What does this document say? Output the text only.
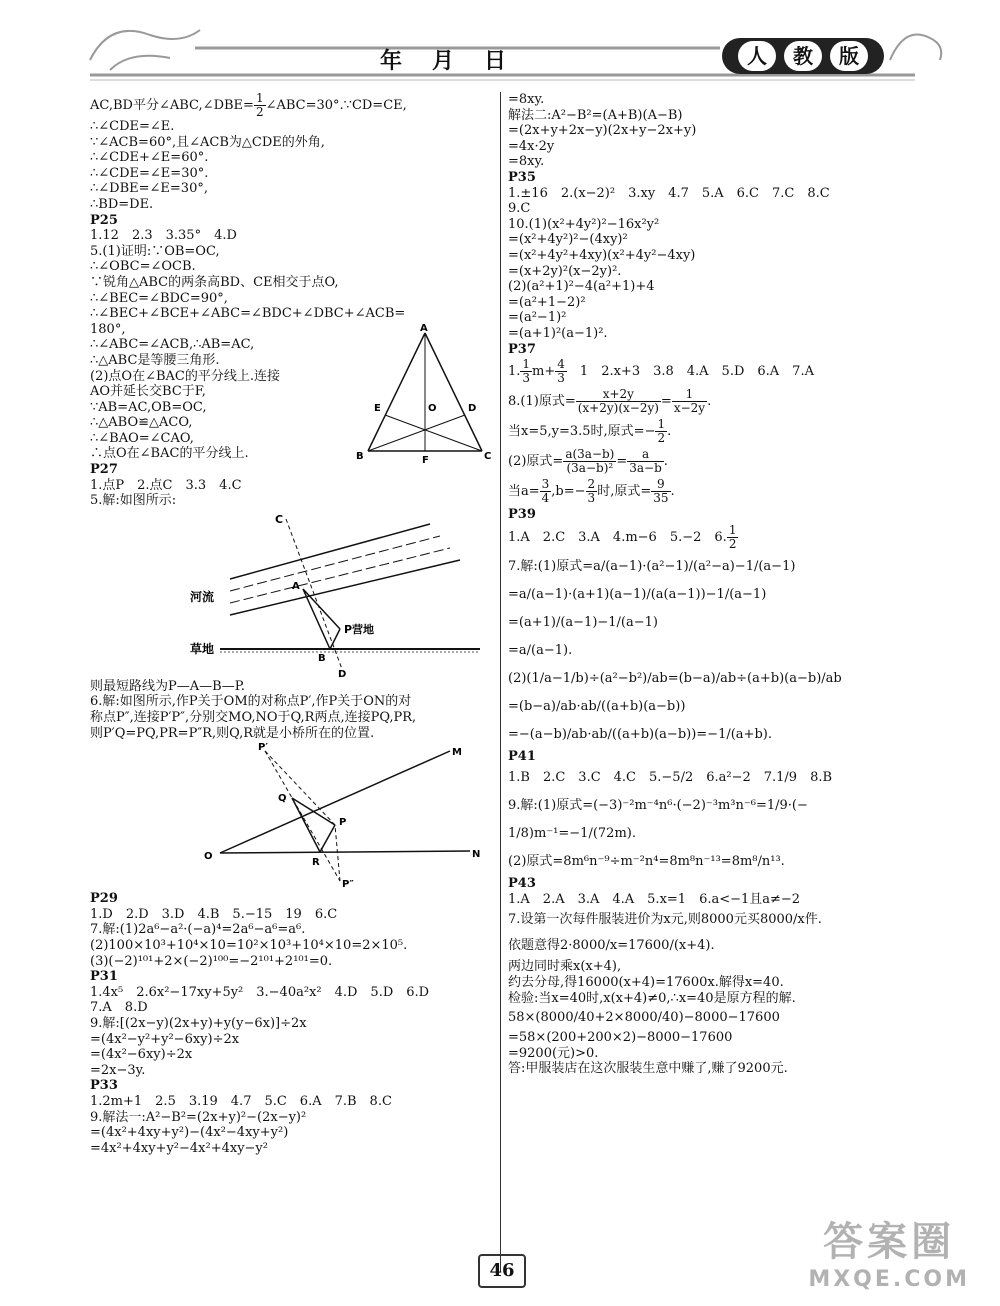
年　月　日	人	教	版
AC,BD平分∠ABC,∠DBE= $\frac{1}{2}$ ∠ABC=30°.∵CD=CE,
∴∠CDE=∠E.
∵∠ACB=60°,且∠ACB为△CDE的外角,
∴∠CDE+∠E=60°.
∴∠CDE=∠E=30°.
∴∠DBE=∠E=30°,
∴BD=DE.
P25
1.12　2.3　3.35°　4.D
5.(1)证明:∵OB=OC,
∴∠OBC=∠OCB.
∵锐角△ABC的两条高BD、CE相交于点O,
∴∠BEC=∠BDC=90°,
∴∠BEC+∠BCE+∠ABC=∠BDC+∠DBC+∠ACB=
180°,
∴∠ABC=∠ACB,∴AB=AC,
∴△ABC是等腰三角形.
(2)点O在∠BAC的平分线上.连接
AO并延长交BC于F,
∵AB=AC,OB=OC,
∴△ABO≌△ACO,
∴∠BAO=∠CAO,
∴点O在∠BAC的平分线上.
A
E	O	D
B	F	C
P27
1.点P　2.点C　3.3　4.C
5.解:如图所示:
C
A
P营地
B
D
河流
草地
则最短路线为P—A—B—P.
6.解:如图所示,作P关于OM的对称点P′,作P关于ON的对
称点P″,连接P′P″,分别交MO,NO于Q,R两点,连接PQ,PR,
则P′Q=PQ,PR=P″R,则Q,R就是小桥所在的位置.
P′	M
Q
P
O
R
N
P″
P29
1.D　2.D　3.D　4.B　5.−15　19　6.C
7.解:(1)2a⁶−a²·(−a)⁴=2a⁶−a⁶=a⁶.
(2)100×10³+10⁴×10=10²×10³+10⁴×10=2×10⁵.
(3)(−2)¹⁰¹+2×(−2)¹⁰⁰=−2¹⁰¹+2¹⁰¹=0.
P31
1.4x⁵　2.6x²−17xy+5y²　3.−40a²x²　4.D　5.D　6.D
7.A　8.D
9.解:[(2x−y)(2x+y)+y(y−6x)]÷2x
=(4x²−y²+y²−6xy)÷2x
=(4x²−6xy)÷2x
=2x−3y.
P33
1.2m+1　2.5　3.19　4.7　5.C　6.A　7.B　8.C
9.解法一:A²−B²=(2x+y)²−(2x−y)²
=(4x²+4xy+y²)−(4x²−4xy+y²)
=4x²+4xy+y²−4x²+4xy−y²
=8xy.
解法二:A²−B²=(A+B)(A−B)
=(2x+y+2x−y)(2x+y−2x+y)
=4x·2y
=8xy.
P35
1.±16　2.(x−2)²　3.xy　4.7　5.A　6.C　7.C　8.C
9.C
10.(1)(x²+4y²)²−16x²y²
=(x²+4y²)²−(4xy)²
=(x²+4y²+4xy)(x²+4y²−4xy)
=(x+2y)²(x−2y)².
(2)(a²+1)²−4(a²+1)+4
=(a²+1−2)²
=(a²−1)²
=(a+1)²(a−1)².
P37
1. $\frac{1}{3} m+ \frac{4}{3}$ 　1　2.x+3　3.8　4.A　5.D　6.A　7.A
8.(1)原式= $\frac{x+2y}{(x+2y)(x-2y)} = \frac{1}{x-2y}$ .
当x=5,y=3.5时,原式=− $\frac{1}{2}$ .
(2)原式= $\frac{a(3a-b)}{\text{(3a−b)²}} = \frac{a}{3a-b}$ .
当$a= \frac{3}{4} ,b=- \frac{2}{3}$ 时,原式= $\frac{9}{35}$ .
P39
1.A　2.C　3.A　4.m−6　5.−2　6. $\frac{1}{2}$
7.解:(1)原式=a/(a−1)·(a²−1)/(a²−a)−1/(a−1)
=a/(a−1)·(a+1)(a−1)/(a(a−1))−1/(a−1)
=(a+1)/(a−1)−1/(a−1)
=a/(a−1).
(2)(1/a−1/b)÷(a²−b²)/ab=(b−a)/ab÷(a+b)(a−b)/ab
=(b−a)/ab·ab/((a+b)(a−b))
=−(a−b)/ab·ab/((a+b)(a−b))=−1/(a+b).
P41
1.B　2.C　3.C　4.C　5.−5/2　6.a²−2　7.1/9　8.B
9.解:(1)原式=(−3)⁻²m⁻⁴n⁶·(−2)⁻³m³n⁻⁶=1/9·(−
1/8)m⁻¹=−1/(72m).
(2)原式=8m⁶n⁻⁹÷m⁻²n⁴=8m⁸n⁻¹³=8m⁸/n¹³.
P43
1.A　2.A　3.A　4.A　5.x=1　6.a<−1且a≠−2
7.设第一次每件服装进价为x元,则8000元买8000/x件.
依题意得2·8000/x=17600/(x+4).
两边同时乘x(x+4),
约去分母,得16000(x+4)=17600x.解得x=40.
检验:当x=40时,x(x+4)≠0,∴x=40是原方程的解.
58×(8000/40+2×8000/40)−8000−17600
=58×(200+200×2)−8000−17600
=9200(元)>0.
答:甲服装店在这次服装生意中赚了,赚了9200元.
46
答案圈
MXQE.COM
